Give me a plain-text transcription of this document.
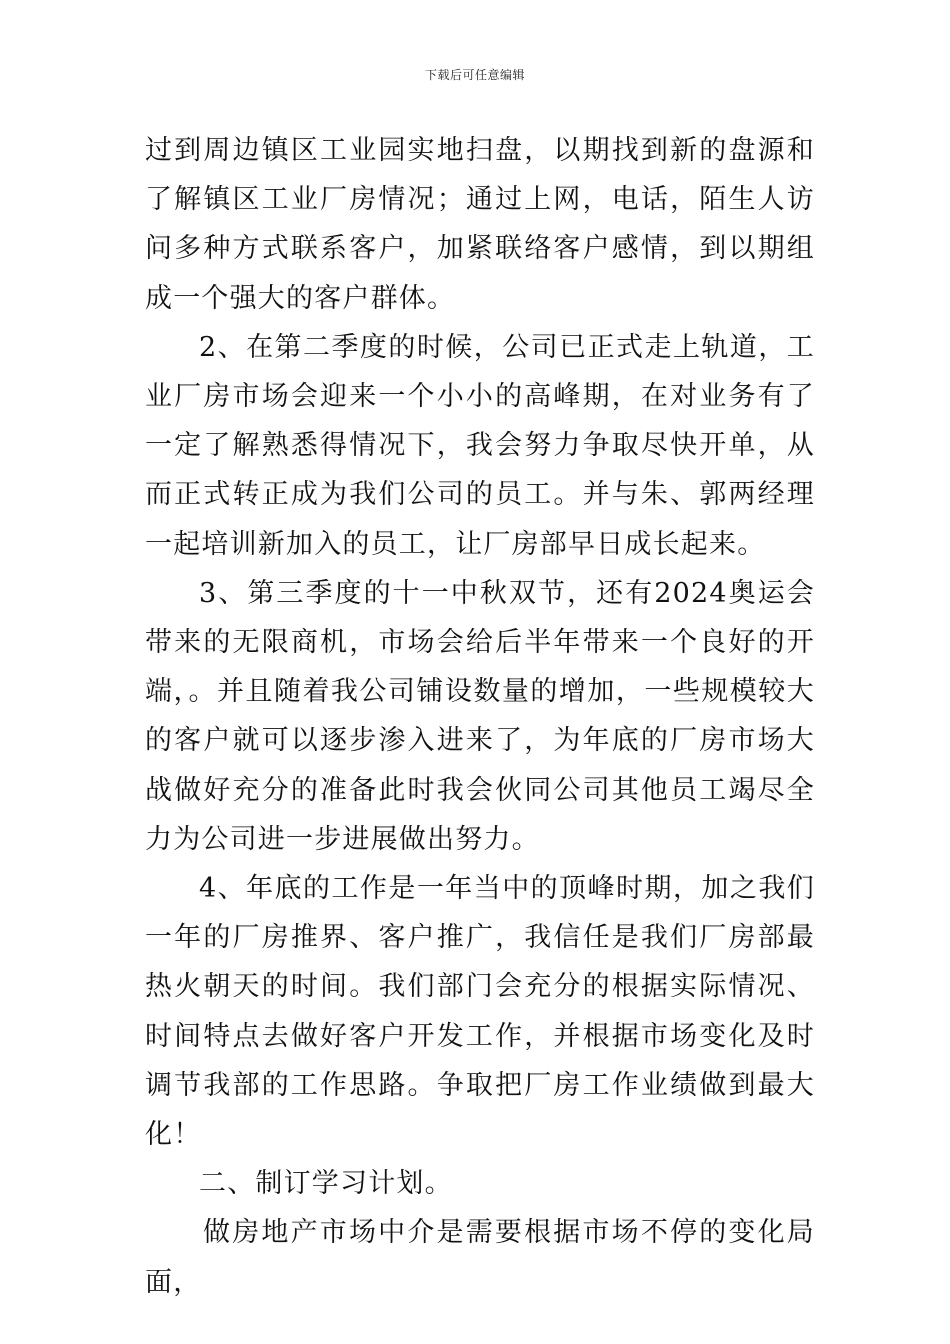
下载后可任意编辑

过到周边镇区工业园实地扫盘，以期找到新的盘源和了解镇区工业厂房情况；通过上网，电话，陌生人访问多种方式联系客户，加紧联络客户感情，到以期组成一个强大的客户群体。

2、在第二季度的时候，公司已正式走上轨道，工业厂房市场会迎来一个小小的高峰期，在对业务有了一定了解熟悉得情况下，我会努力争取尽快开单，从而正式转正成为我们公司的员工。并与朱、郭两经理一起培训新加入的员工，让厂房部早日成长起来。

3、第三季度的十一中秋双节，还有2024奥运会带来的无限商机，市场会给后半年带来一个良好的开端，。并且随着我公司铺设数量的增加，一些规模较大的客户就可以逐步渗入进来了，为年底的厂房市场大战做好充分的准备此时我会伙同公司其他员工竭尽全力为公司进一步进展做出努力。

4、年底的工作是一年当中的顶峰时期，加之我们一年的厂房推界、客户推广，我信任是我们厂房部最热火朝天的时间。我们部门会充分的根据实际情况、时间特点去做好客户开发工作，并根据市场变化及时调节我部的工作思路。争取把厂房工作业绩做到最大化！

二、制订学习计划。

做房地产市场中介是需要根据市场不停的变化局面，
